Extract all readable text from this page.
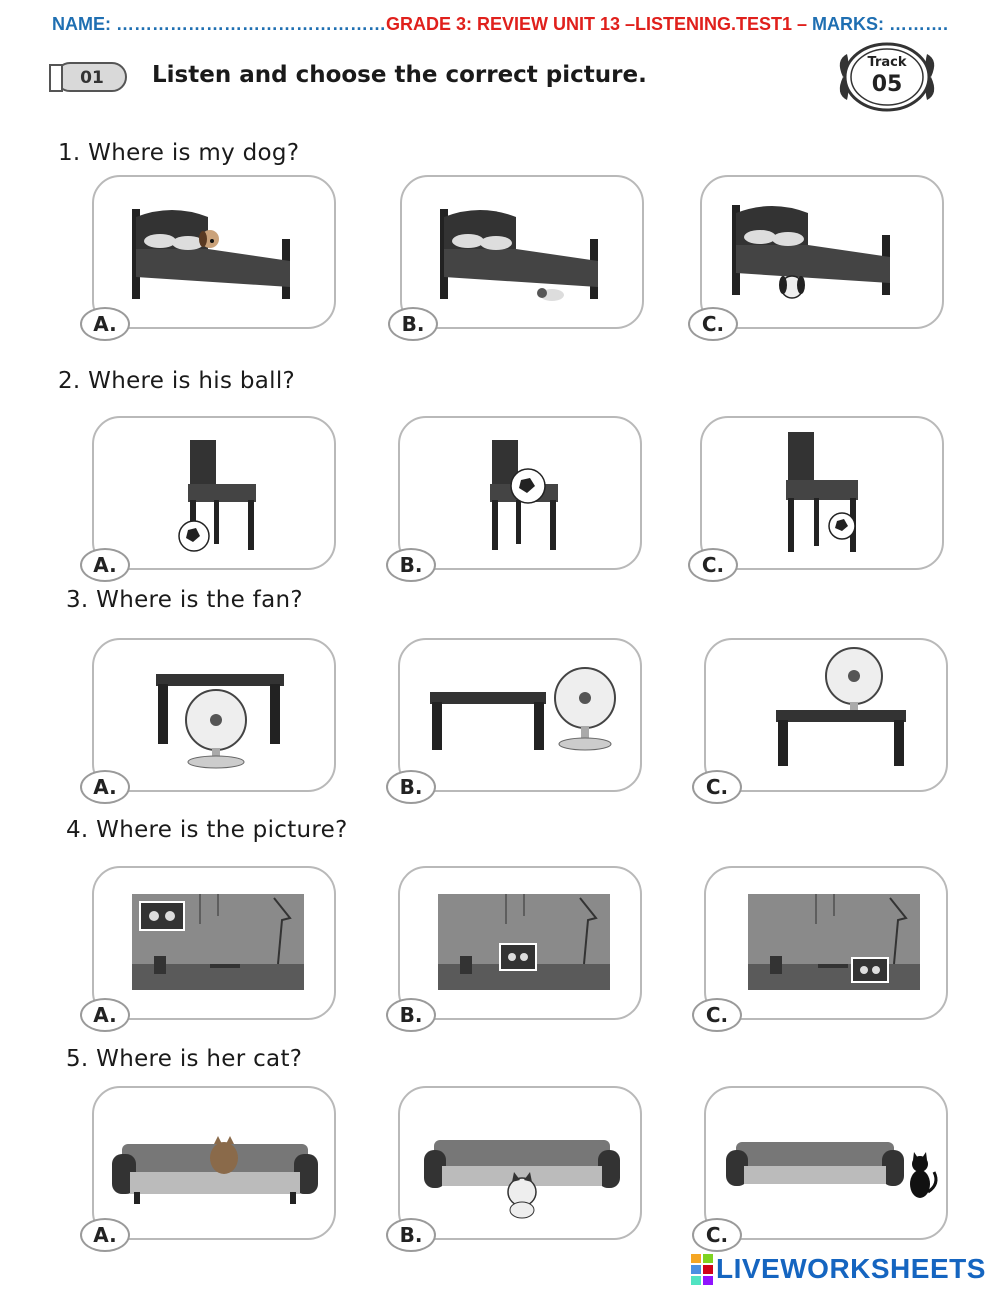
NAME: ………………………………………GRADE 3: REVIEW UNIT 13 –LISTENING.TEST1 – MARKS: ……….
01 Listen and choose the correct picture.	Track
05
1. Where is my dog?
A.	B.	C.
2. Where is his ball?
A.	B.	C.
3. Where is the fan?
A.	B.	C.
4. Where is the picture?
A.	B.	C.
5. Where is her cat?
A.	B.	C.
LIVEWORKSHEETS
